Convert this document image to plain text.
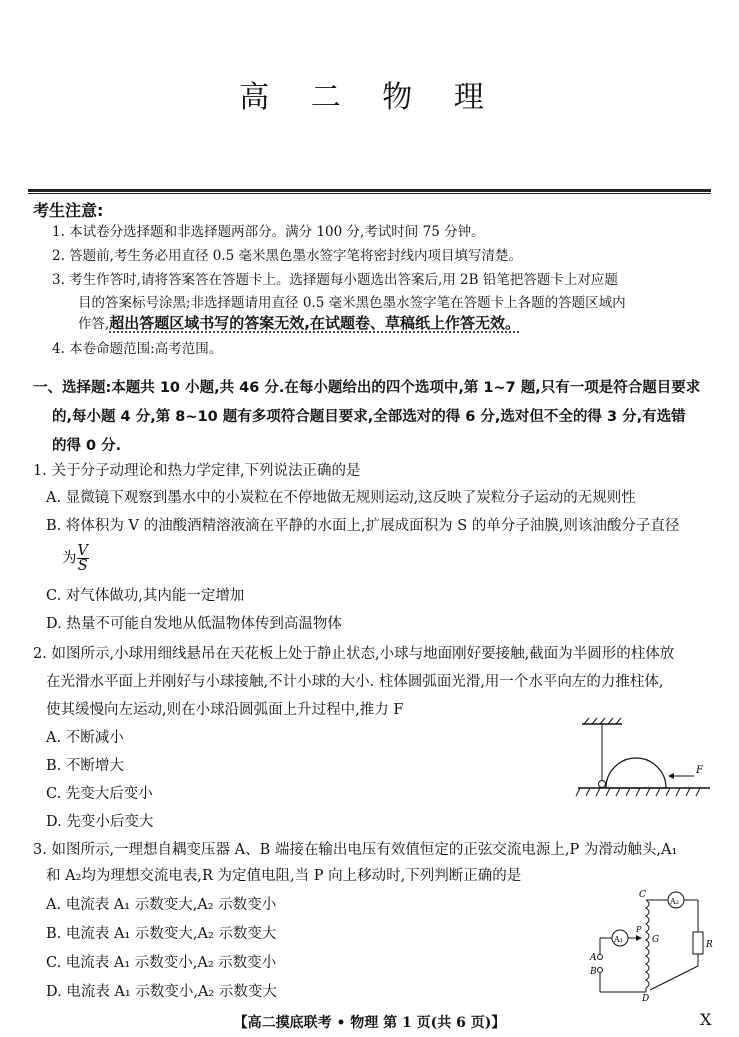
高 二 物 理
考生注意:
1. 本试卷分选择题和非选择题两部分。满分 100 分,考试时间 75 分钟。
2. 答题前,考生务必用直径 0.5 毫米黑色墨水签字笔将密封线内项目填写清楚。
3. 考生作答时,请将答案答在答题卡上。选择题每小题选出答案后,用 2B 铅笔把答题卡上对应题
目的答案标号涂黑;非选择题请用直径 0.5 毫米黑色墨水签字笔在答题卡上各题的答题区域内
作答,超出答题区域书写的答案无效,在试题卷、草稿纸上作答无效。
4. 本卷命题范围:高考范围。
一、选择题:本题共 10 小题,共 46 分.在每小题给出的四个选项中,第 1~7 题,只有一项是符合题目要求
的,每小题 4 分,第 8~10 题有多项符合题目要求,全部选对的得 6 分,选对但不全的得 3 分,有选错
的得 0 分.
1. 关于分子动理论和热力学定律,下列说法正确的是
A. 显微镜下观察到墨水中的小炭粒在不停地做无规则运动,这反映了炭粒分子运动的无规则性
B. 将体积为 V 的油酸酒精溶液滴在平静的水面上,扩展成面积为 S 的单分子油膜,则该油酸分子直径
为 $\frac{V}{S}$
C. 对气体做功,其内能一定增加
D. 热量不可能自发地从低温物体传到高温物体
2. 如图所示,小球用细线悬吊在天花板上处于静止状态,小球与地面刚好要接触,截面为半圆形的柱体放
在光滑水平面上并刚好与小球接触,不计小球的大小. 柱体圆弧面光滑,用一个水平向左的力推柱体,
使其缓慢向左运动,则在小球沿圆弧面上升过程中,推力 F
A. 不断减小
B. 不断增大
C. 先变大后变小
D. 先变小后变大
F
3. 如图所示,一理想自耦变压器 A、B 端接在输出电压有效值恒定的正弦交流电源上,P 为滑动触头,A₁
和 A₂均为理想交流电表,R 为定值电阻,当 P 向上移动时,下列判断正确的是
A. 电流表 A₁ 示数变大,A₂ 示数变小
B. 电流表 A₁ 示数变大,A₂ 示数变大
C. 电流表 A₁ 示数变小,A₂ 示数变小
D. 电流表 A₁ 示数变小,A₂ 示数变大
A₂
R
C
G
D
P
A₁
A
B
【高二摸底联考 • 物理 第 1 页(共 6 页)】	X
